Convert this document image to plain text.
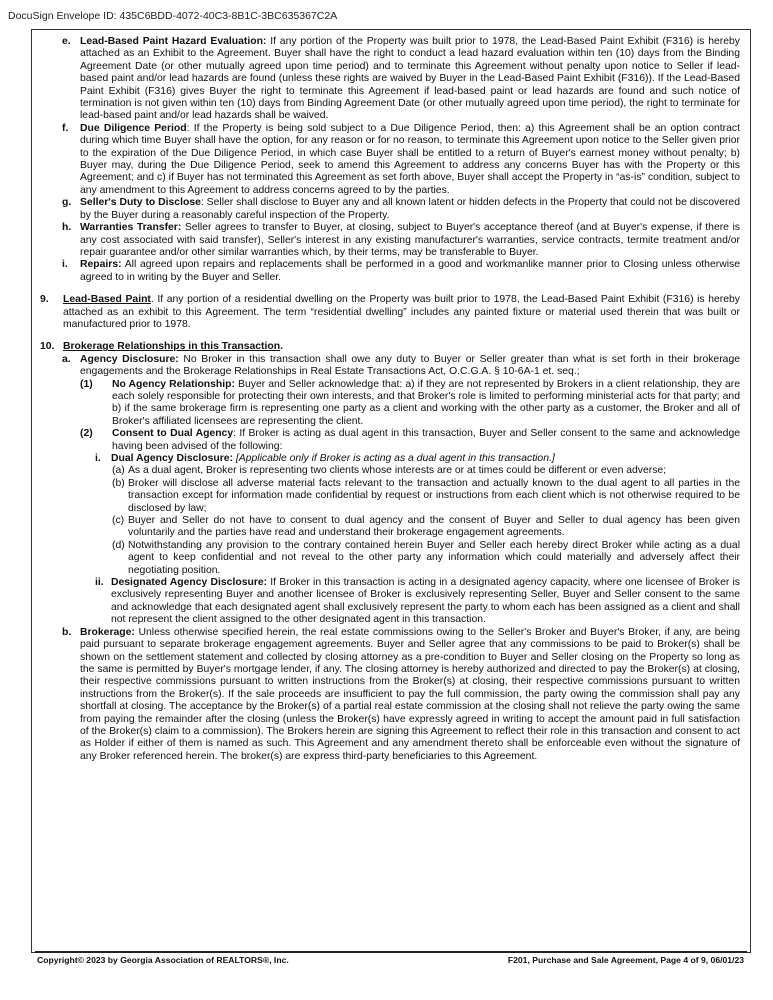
DocuSign Envelope ID: 435C6BDD-4072-40C3-8B1C-3BC635367C2A
e. Lead-Based Paint Hazard Evaluation: If any portion of the Property was built prior to 1978, the Lead-Based Paint Exhibit (F316) is hereby attached as an Exhibit to the Agreement. Buyer shall have the right to conduct a lead hazard evaluation within ten (10) days from the Binding Agreement Date (or other mutually agreed upon time period) and to terminate this Agreement without penalty upon notice to Seller if lead-based paint and/or lead hazards are found (unless these rights are waived by Buyer in the Lead-Based Paint Exhibit (F316)). If the Lead-Based Paint Exhibit (F316) gives Buyer the right to terminate this Agreement if lead-based paint or lead hazards are found and such notice of termination is not given within ten (10) days from Binding Agreement Date (or other mutually agreed upon time period), the right to terminate for lead-based paint and/or lead hazards shall be waived.
f.	Due Diligence Period: If the Property is being sold subject to a Due Diligence Period, then: a) this Agreement shall be an option contract during which time Buyer shall have the option, for any reason or for no reason, to terminate this Agreement upon notice to the Seller given prior to the expiration of the Due Diligence Period, in which case Buyer shall be entitled to a return of Buyer's earnest money without penalty; b) Buyer may, during the Due Diligence Period, seek to amend this Agreement to address any concerns Buyer has with the Property or this Agreement; and c) if Buyer has not terminated this Agreement as set forth above, Buyer shall accept the Property in “as-is” condition, subject to any amendment to this Agreement to address concerns agreed to by the parties.
g. Seller's Duty to Disclose: Seller shall disclose to Buyer any and all known latent or hidden defects in the Property that could not be discovered by the Buyer during a reasonably careful inspection of the Property.
h. Warranties Transfer: Seller agrees to transfer to Buyer, at closing, subject to Buyer's acceptance thereof (and at Buyer's expense, if there is any cost associated with said transfer), Seller's interest in any existing manufacturer's warranties, service contracts, termite treatment and/or repair guarantee and/or other similar warranties which, by their terms, may be transferable to Buyer.
i.	Repairs: All agreed upon repairs and replacements shall be performed in a good and workmanlike manner prior to Closing unless otherwise agreed to in writing by the Buyer and Seller.
9.	Lead-Based Paint. If any portion of a residential dwelling on the Property was built prior to 1978, the Lead-Based Paint Exhibit (F316) is hereby attached as an exhibit to this Agreement. The term “residential dwelling” includes any painted fixture or material used therein that was built or manufactured prior to 1978.
10. Brokerage Relationships in this Transaction.
a. Agency Disclosure: No Broker in this transaction shall owe any duty to Buyer or Seller greater than what is set forth in their brokerage engagements and the Brokerage Relationships in Real Estate Transactions Act, O.C.G.A. § 10-6A-1 et. seq.;
(1)	No Agency Relationship: Buyer and Seller acknowledge that: a) if they are not represented by Brokers in a client relationship, they are each solely responsible for protecting their own interests, and that Broker's role is limited to performing ministerial acts for that party; and b) if the same brokerage firm is representing one party as a client and working with the other party as a customer, the Broker and all of Broker's affiliated licensees are representing the client.
(2)	Consent to Dual Agency: If Broker is acting as dual agent in this transaction, Buyer and Seller consent to the same and acknowledge having been advised of the following:
i. Dual Agency Disclosure: [Applicable only if Broker is acting as a dual agent in this transaction.]
(a) As a dual agent, Broker is representing two clients whose interests are or at times could be different or even adverse;
(b) Broker will disclose all adverse material facts relevant to the transaction and actually known to the dual agent to all parties in the transaction except for information made confidential by request or instructions from each client which is not otherwise required to be disclosed by law;
(c) Buyer and Seller do not have to consent to dual agency and the consent of Buyer and Seller to dual agency has been given voluntarily and the parties have read and understand their brokerage engagement agreements.
(d) Notwithstanding any provision to the contrary contained herein Buyer and Seller each hereby direct Broker while acting as a dual agent to keep confidential and not reveal to the other party any information which could materially and adversely affect their negotiating position.
ii. Designated Agency Disclosure: If Broker in this transaction is acting in a designated agency capacity, where one licensee of Broker is exclusively representing Buyer and another licensee of Broker is exclusively representing Seller, Buyer and Seller consent to the same and acknowledge that each designated agent shall exclusively represent the party to whom each has been assigned as a client and shall not represent the client assigned to the other designated agent in this transaction.
b. Brokerage: Unless otherwise specified herein, the real estate commissions owing to the Seller's Broker and Buyer's Broker, if any, are being paid pursuant to separate brokerage engagement agreements. Buyer and Seller agree that any commissions to be paid to Broker(s) shall be shown on the settlement statement and collected by closing attorney as a pre-condition to Buyer and Seller closing on the Property so long as the same is permitted by Buyer's mortgage lender, if any. The closing attorney is hereby authorized and directed to pay the Broker(s) at closing, their respective commissions pursuant to written instructions from the Broker(s) at closing, their respective commissions pursuant to written instructions from the Broker(s). If the sale proceeds are insufficient to pay the full commission, the party owing the commission shall pay any shortfall at closing. The acceptance by the Broker(s) of a partial real estate commission at the closing shall not relieve the party owing the same from paying the remainder after the closing (unless the Broker(s) have expressly agreed in writing to accept the amount paid in full satisfaction of the Broker(s) claim to a commission). The Brokers herein are signing this Agreement to reflect their role in this transaction and consent to act as Holder if either of them is named as such. This Agreement and any amendment thereto shall be enforceable even without the signature of any Broker referenced herein. The broker(s) are express third-party beneficiaries to this Agreement.
Copyright© 2023 by Georgia Association of REALTORS®, Inc.	F201, Purchase and Sale Agreement, Page 4 of 9, 06/01/23
